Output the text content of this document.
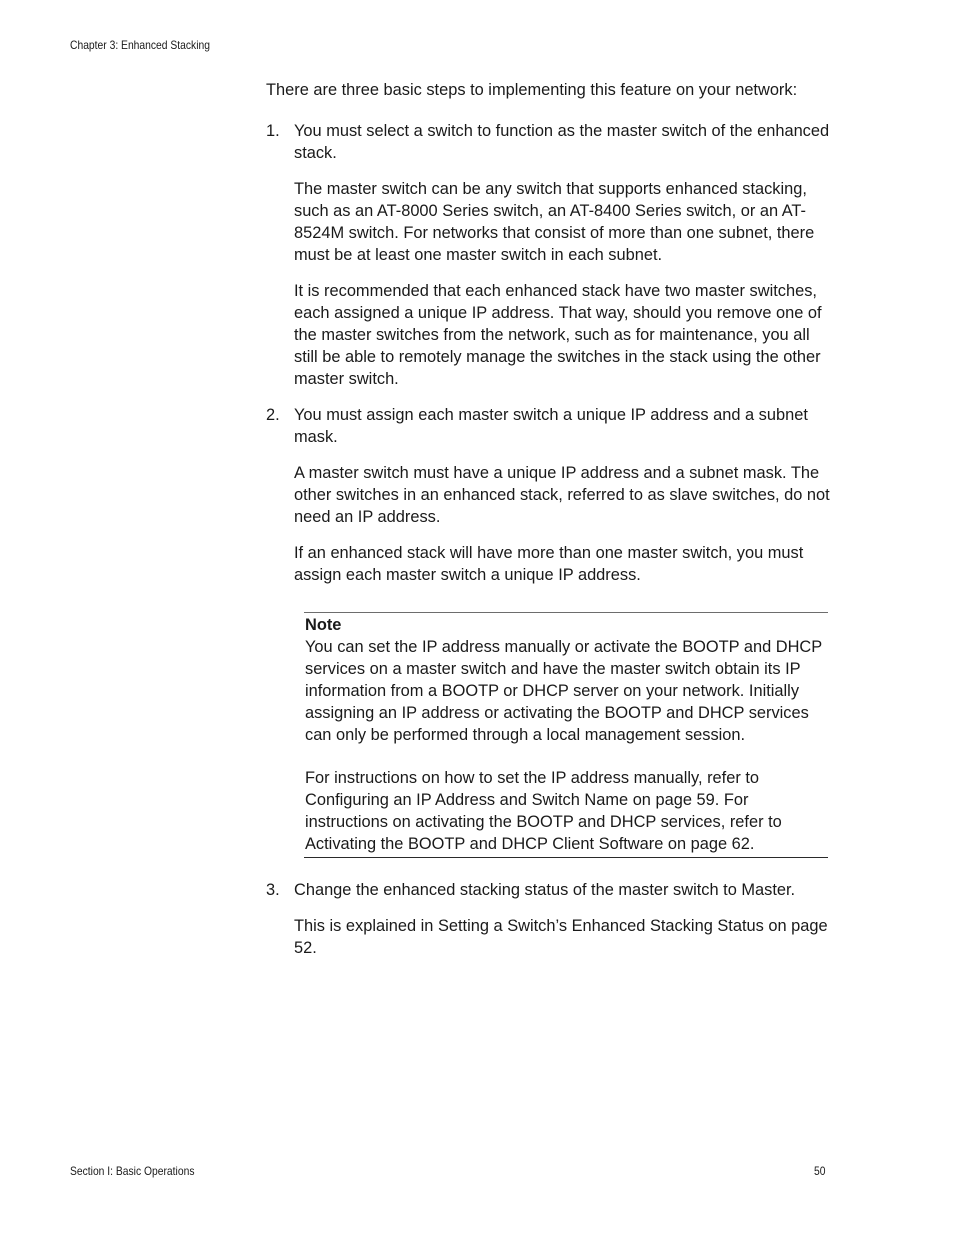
Chapter 3: Enhanced Stacking

There are three basic steps to implementing this feature on your network:

1. You must select a switch to function as the master switch of the enhanced stack.

The master switch can be any switch that supports enhanced stacking, such as an AT-8000 Series switch, an AT-8400 Series switch, or an AT-8524M switch. For networks that consist of more than one subnet, there must be at least one master switch in each subnet.

It is recommended that each enhanced stack have two master switches, each assigned a unique IP address. That way, should you remove one of the master switches from the network, such as for maintenance, you all still be able to remotely manage the switches in the stack using the other master switch.

2. You must assign each master switch a unique IP address and a subnet mask.

A master switch must have a unique IP address and a subnet mask. The other switches in an enhanced stack, referred to as slave switches, do not need an IP address.

If an enhanced stack will have more than one master switch, you must assign each master switch a unique IP address.

Note

You can set the IP address manually or activate the BOOTP and DHCP services on a master switch and have the master switch obtain its IP information from a BOOTP or DHCP server on your network. Initially assigning an IP address or activating the BOOTP and DHCP services can only be performed through a local management session.

For instructions on how to set the IP address manually, refer to Configuring an IP Address and Switch Name on page 59. For instructions on activating the BOOTP and DHCP services, refer to Activating the BOOTP and DHCP Client Software on page 62.

3. Change the enhanced stacking status of the master switch to Master.

This is explained in Setting a Switch’s Enhanced Stacking Status on page 52.

Section I: Basic Operations	50
